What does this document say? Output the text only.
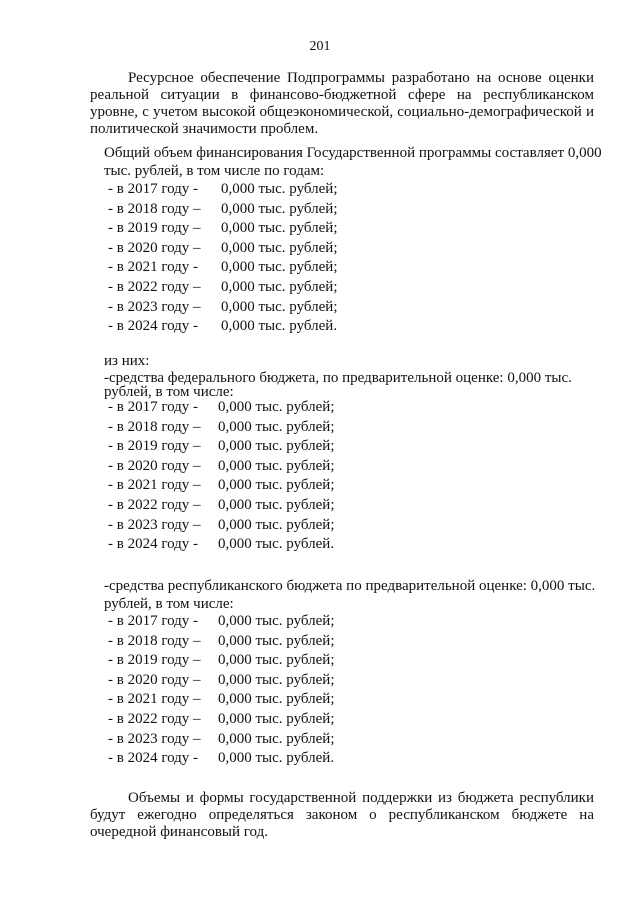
201
Ресурсное обеспечение Подпрограммы разработано на основе оценки реальной ситуации в финансово-бюджетной сфере на республиканском уровне, с учетом высокой общеэкономической, социально-демографической и политической значимости проблем.
Общий объем финансирования Государственной программы составляет 0,000
тыс. рублей, в том числе по годам:
- в 2017 году - 0,000 тыс. рублей;
- в 2018 году – 0,000 тыс. рублей;
- в 2019 году – 0,000 тыс. рублей;
- в 2020 году – 0,000 тыс. рублей;
- в 2021 году - 0,000 тыс. рублей;
- в 2022 году – 0,000 тыс. рублей;
- в 2023 году – 0,000 тыс. рублей;
- в 2024 году - 0,000 тыс. рублей.
из них:
-средства федерального бюджета, по предварительной оценке: 0,000 тыс.
рублей, в том числе:
- в 2017 году - 0,000 тыс. рублей;
- в 2018 году – 0,000 тыс. рублей;
- в 2019 году – 0,000 тыс. рублей;
- в 2020 году – 0,000 тыс. рублей;
- в 2021 году – 0,000 тыс. рублей;
- в 2022 году – 0,000 тыс. рублей;
- в 2023 году – 0,000 тыс. рублей;
- в 2024 году - 0,000 тыс. рублей.
-средства республиканского бюджета по предварительной оценке: 0,000 тыс.
рублей, в том числе:
- в 2017 году - 0,000 тыс. рублей;
- в 2018 году – 0,000 тыс. рублей;
- в 2019 году – 0,000 тыс. рублей;
- в 2020 году – 0,000 тыс. рублей;
- в 2021 году – 0,000 тыс. рублей;
- в 2022 году – 0,000 тыс. рублей;
- в 2023 году – 0,000 тыс. рублей;
- в 2024 году - 0,000 тыс. рублей.
Объемы и формы государственной поддержки из бюджета республики будут ежегодно определяться законом о республиканском бюджете на очередной финансовый год.
